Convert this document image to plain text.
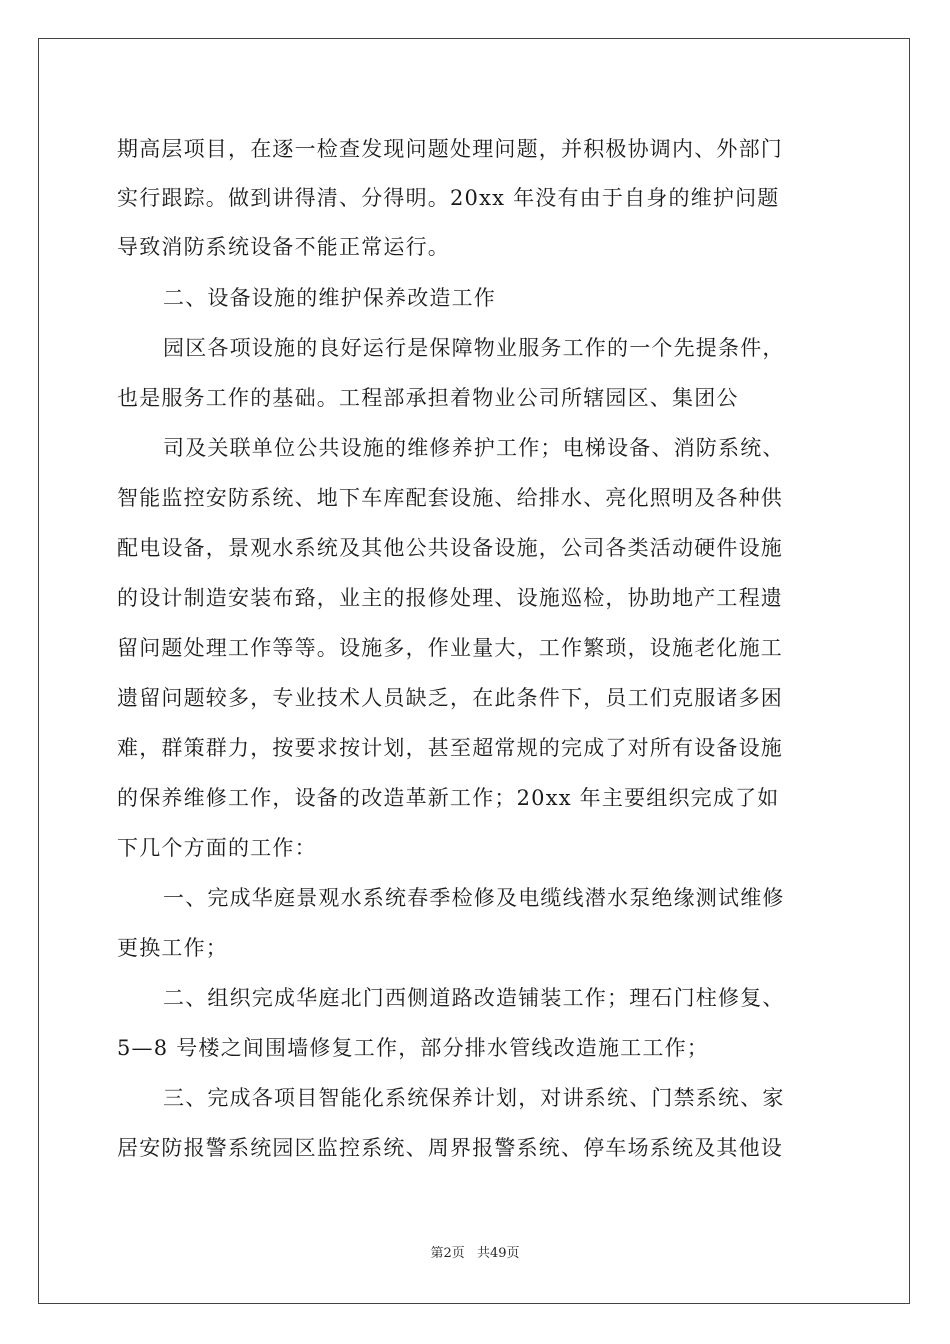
期高层项目，在逐一检查发现问题处理问题，并积极协调内、外部门
实行跟踪。做到讲得清、分得明。20xx 年没有由于自身的维护问题
导致消防系统设备不能正常运行。
二、设备设施的维护保养改造工作
园区各项设施的良好运行是保障物业服务工作的一个先提条件，
也是服务工作的基础。工程部承担着物业公司所辖园区、集团公
司及关联单位公共设施的维修养护工作；电梯设备、消防系统、
智能监控安防系统、地下车库配套设施、给排水、亮化照明及各种供
配电设备，景观水系统及其他公共设备设施，公司各类活动硬件设施
的设计制造安装布臵，业主的报修处理、设施巡检，协助地产工程遗
留问题处理工作等等。设施多，作业量大，工作繁琐，设施老化施工
遗留问题较多，专业技术人员缺乏，在此条件下，员工们克服诸多困
难，群策群力，按要求按计划，甚至超常规的完成了对所有设备设施
的保养维修工作，设备的改造革新工作；20xx 年主要组织完成了如
下几个方面的工作：
一、完成华庭景观水系统春季检修及电缆线潜水泵绝缘测试维修
更换工作；
二、组织完成华庭北门西侧道路改造铺装工作；理石门柱修复、
5—8 号楼之间围墙修复工作，部分排水管线改造施工工作；
三、完成各项目智能化系统保养计划，对讲系统、门禁系统、家
居安防报警系统园区监控系统、周界报警系统、停车场系统及其他设
第2页 共49页
